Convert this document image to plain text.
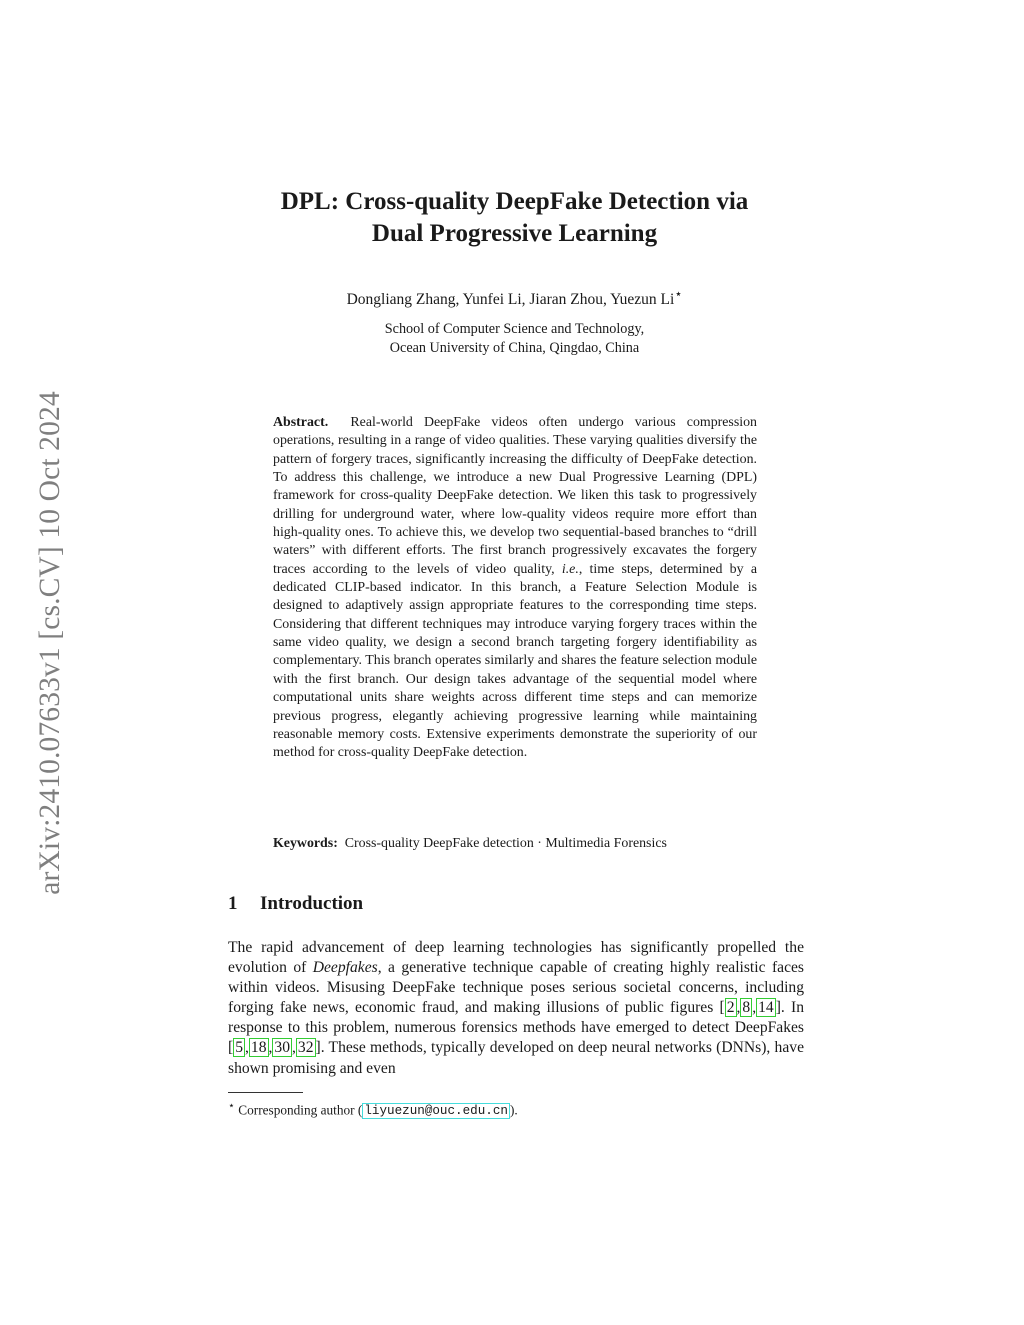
arXiv:2410.07633v1 [cs.CV] 10 Oct 2024
DPL: Cross-quality DeepFake Detection via
Dual Progressive Learning
Dongliang Zhang, Yunfei Li, Jiaran Zhou, Yuezun Li⋆
School of Computer Science and Technology,
Ocean University of China, Qingdao, China

Abstract. Real-world DeepFake videos often undergo various compression operations, resulting in a range of video qualities. These varying qualities diversify the pattern of forgery traces, significantly increasing the difficulty of DeepFake detection. To address this challenge, we introduce a new Dual Progressive Learning (DPL) framework for cross-quality DeepFake detection. We liken this task to progressively drilling for underground water, where low-quality videos require more effort than high-quality ones. To achieve this, we develop two sequential-based branches to “drill waters” with different efforts. The first branch progressively excavates the forgery traces according to the levels of video quality, i.e., time steps, determined by a dedicated CLIP-based indicator. In this branch, a Feature Selection Module is designed to adaptively assign appropriate features to the corresponding time steps. Considering that different techniques may introduce varying forgery traces within the same video quality, we design a second branch targeting forgery identifiability as complementary. This branch operates similarly and shares the feature selection module with the first branch. Our design takes advantage of the sequential model where computational units share weights across different time steps and can memorize previous progress, elegantly achieving progressive learning while maintaining reasonable memory costs. Extensive experiments demonstrate the superiority of our method for cross-quality DeepFake detection.

Keywords: Cross-quality DeepFake detection · Multimedia Forensics
1 Introduction

The rapid advancement of deep learning technologies has significantly propelled the evolution of Deepfakes, a generative technique capable of creating highly realistic faces within videos. Misusing DeepFake technique poses serious societal concerns, including forging fake news, economic fraud, and making illusions of public figures [ 2 , 8 , 14 ]. In response to this problem, numerous forensics methods have emerged to detect DeepFakes [ 5 , 18 , 30 , 32 ]. These methods, typically developed on deep neural networks (DNNs), have shown promising and even

⋆ Corresponding author ( liyuezun@ouc.edu.cn ).
